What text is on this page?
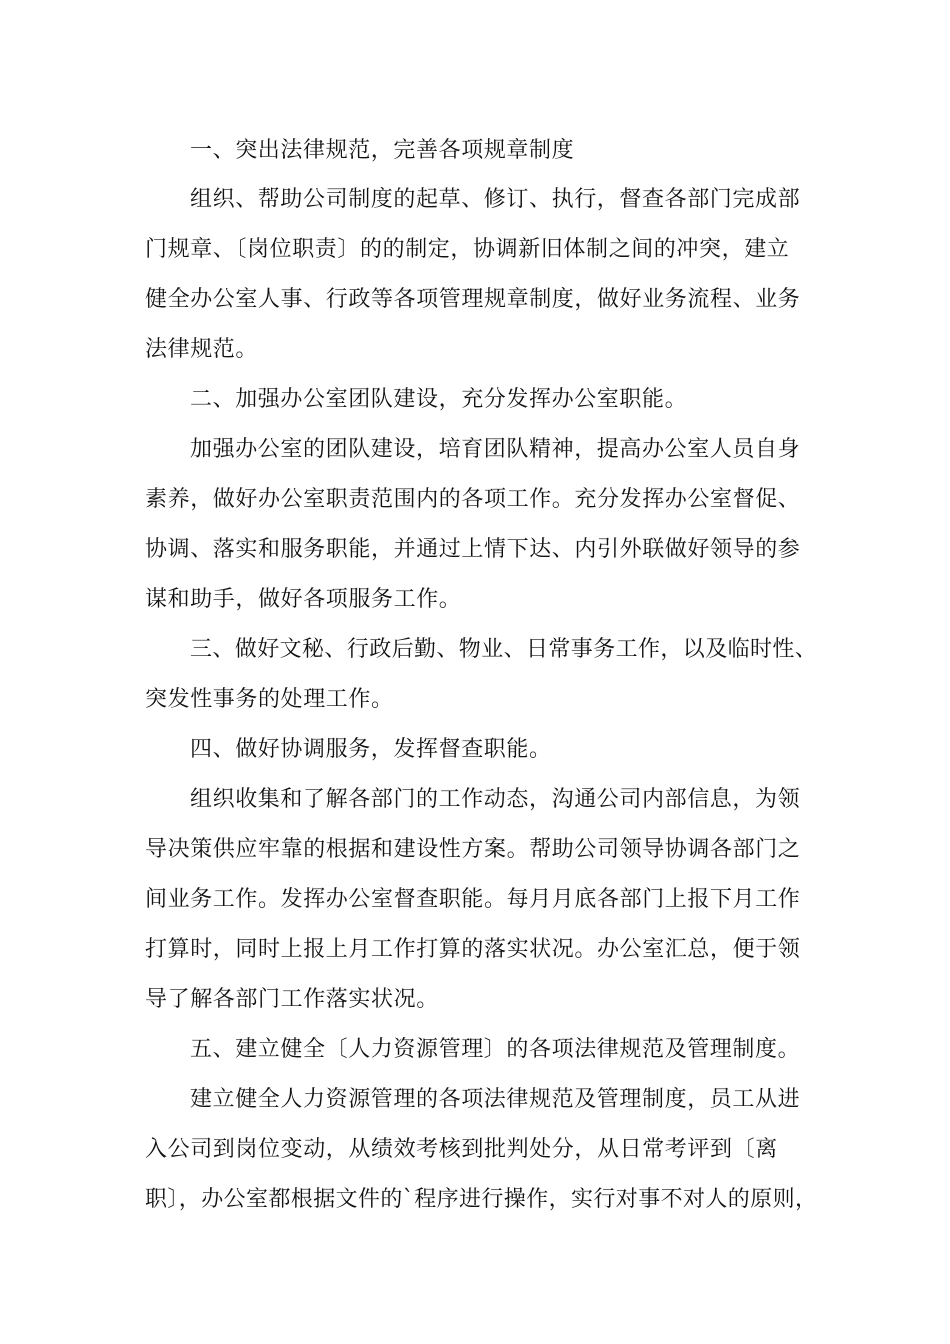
一、突出法律规范，完善各项规章制度
组织、帮助公司制度的起草、修订、执行，督查各部门完成部
门规章、〔岗位职责〕的的制定，协调新旧体制之间的冲突，建立
健全办公室人事、行政等各项管理规章制度，做好业务流程、业务
法律规范。
二、加强办公室团队建设，充分发挥办公室职能。
加强办公室的团队建设，培育团队精神，提高办公室人员自身
素养，做好办公室职责范围内的各项工作。充分发挥办公室督促、
协调、落实和服务职能，并通过上情下达、内引外联做好领导的参
谋和助手，做好各项服务工作。
三、做好文秘、行政后勤、物业、日常事务工作，以及临时性、
突发性事务的处理工作。
四、做好协调服务，发挥督查职能。
组织收集和了解各部门的工作动态，沟通公司内部信息，为领
导决策供应牢靠的根据和建设性方案。帮助公司领导协调各部门之
间业务工作。发挥办公室督查职能。每月月底各部门上报下月工作
打算时，同时上报上月工作打算的落实状况。办公室汇总，便于领
导了解各部门工作落实状况。
五、建立健全〔人力资源管理〕的各项法律规范及管理制度。
建立健全人力资源管理的各项法律规范及管理制度，员工从进
入公司到岗位变动，从绩效考核到批判处分，从日常考评到〔离
职〕，办公室都根据文件的`程序进行操作，实行对事不对人的原则，
